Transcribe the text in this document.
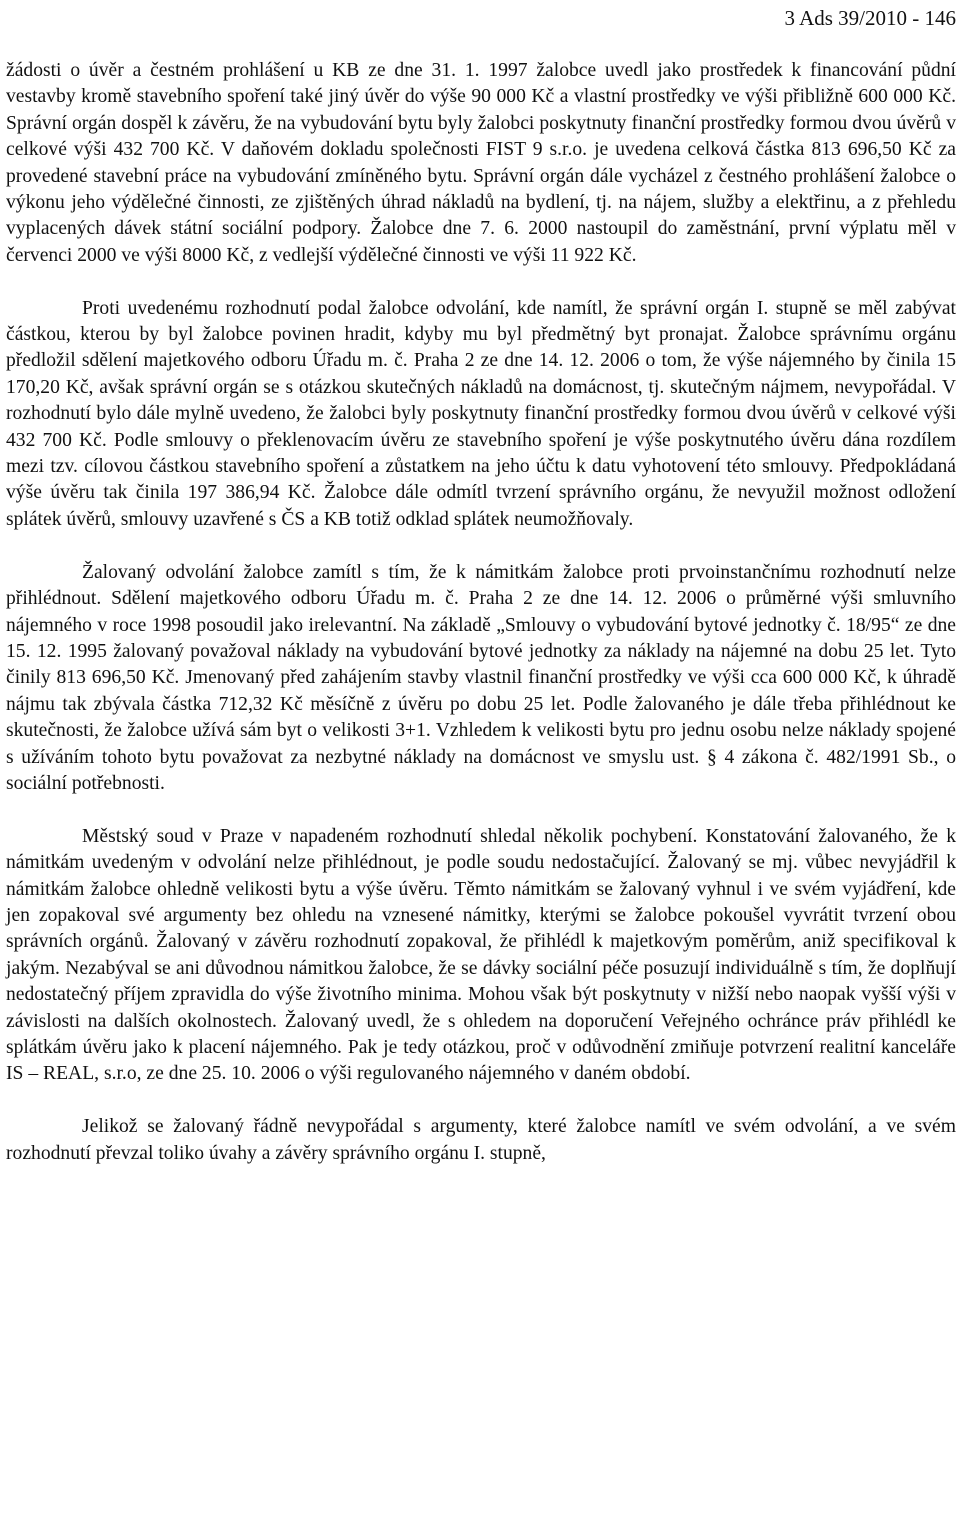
3 Ads 39/2010 - 146

žádosti o úvěr a čestném prohlášení u KB ze dne 31. 1. 1997 žalobce uvedl jako prostředek k financování půdní vestavby kromě stavebního spoření také jiný úvěr do výše 90 000 Kč a vlastní prostředky ve výši přibližně 600 000 Kč. Správní orgán dospěl k závěru, že na vybudování bytu byly žalobci poskytnuty finanční prostředky formou dvou úvěrů v celkové výši 432 700 Kč. V daňovém dokladu společnosti FIST 9 s.r.o. je uvedena celková částka 813 696,50 Kč za provedené stavební práce na vybudování zmíněného bytu. Správní orgán dále vycházel z čestného prohlášení žalobce o výkonu jeho výdělečné činnosti, ze zjištěných úhrad nákladů na bydlení, tj. na nájem, služby a elektřinu, a z přehledu vyplacených dávek státní sociální podpory. Žalobce dne 7. 6. 2000 nastoupil do zaměstnání, první výplatu měl v červenci 2000 ve výši 8000 Kč, z vedlejší výdělečné činnosti ve výši 11 922 Kč.

Proti uvedenému rozhodnutí podal žalobce odvolání, kde namítl, že správní orgán I. stupně se měl zabývat částkou, kterou by byl žalobce povinen hradit, kdyby mu byl předmětný byt pronajat. Žalobce správnímu orgánu předložil sdělení majetkového odboru Úřadu m. č. Praha 2 ze dne 14. 12. 2006 o tom, že výše nájemného by činila 15 170,20 Kč, avšak správní orgán se s otázkou skutečných nákladů na domácnost, tj. skutečným nájmem, nevypořádal. V rozhodnutí bylo dále mylně uvedeno, že žalobci byly poskytnuty finanční prostředky formou dvou úvěrů v celkové výši 432 700 Kč. Podle smlouvy o překlenovacím úvěru ze stavebního spoření je výše poskytnutého úvěru dána rozdílem mezi tzv. cílovou částkou stavebního spoření a zůstatkem na jeho účtu k datu vyhotovení této smlouvy. Předpokládaná výše úvěru tak činila 197 386,94 Kč. Žalobce dále odmítl tvrzení správního orgánu, že nevyužil možnost odložení splátek úvěrů, smlouvy uzavřené s ČS a KB totiž odklad splátek neumožňovaly.

Žalovaný odvolání žalobce zamítl s tím, že k námitkám žalobce proti prvoinstančnímu rozhodnutí nelze přihlédnout. Sdělení majetkového odboru Úřadu m. č. Praha 2 ze dne 14. 12. 2006 o průměrné výši smluvního nájemného v roce 1998 posoudil jako irelevantní. Na základě „Smlouvy o vybudování bytové jednotky č. 18/95“ ze dne 15. 12. 1995 žalovaný považoval náklady na vybudování bytové jednotky za náklady na nájemné na dobu 25 let. Tyto činily 813 696,50 Kč. Jmenovaný před zahájením stavby vlastnil finanční prostředky ve výši cca 600 000 Kč, k úhradě nájmu tak zbývala částka 712,32 Kč měsíčně z úvěru po dobu 25 let. Podle žalovaného je dále třeba přihlédnout ke skutečnosti, že žalobce užívá sám byt o velikosti 3+1. Vzhledem k velikosti bytu pro jednu osobu nelze náklady spojené s užíváním tohoto bytu považovat za nezbytné náklady na domácnost ve smyslu ust. § 4 zákona č. 482/1991 Sb., o sociální potřebnosti.

Městský soud v Praze v napadeném rozhodnutí shledal několik pochybení. Konstatování žalovaného, že k námitkám uvedeným v odvolání nelze přihlédnout, je podle soudu nedostačující. Žalovaný se mj. vůbec nevyjádřil k námitkám žalobce ohledně velikosti bytu a výše úvěru. Těmto námitkám se žalovaný vyhnul i ve svém vyjádření, kde jen zopakoval své argumenty bez ohledu na vznesené námitky, kterými se žalobce pokoušel vyvrátit tvrzení obou správních orgánů. Žalovaný v závěru rozhodnutí zopakoval, že přihlédl k majetkovým poměrům, aniž specifikoval k jakým. Nezabýval se ani důvodnou námitkou žalobce, že se dávky sociální péče posuzují individuálně s tím, že doplňují nedostatečný příjem zpravidla do výše životního minima. Mohou však být poskytnuty v nižší nebo naopak vyšší výši v závislosti na dalších okolnostech. Žalovaný uvedl, že s ohledem na doporučení Veřejného ochránce práv přihlédl ke splátkám úvěru jako k placení nájemného. Pak je tedy otázkou, proč v odůvodnění zmiňuje potvrzení realitní kanceláře IS – REAL, s.r.o, ze dne 25. 10. 2006 o výši regulovaného nájemného v daném období.

Jelikož se žalovaný řádně nevypořádal s argumenty, které žalobce namítl ve svém odvolání, a ve svém rozhodnutí převzal toliko úvahy a závěry správního orgánu I. stupně,
